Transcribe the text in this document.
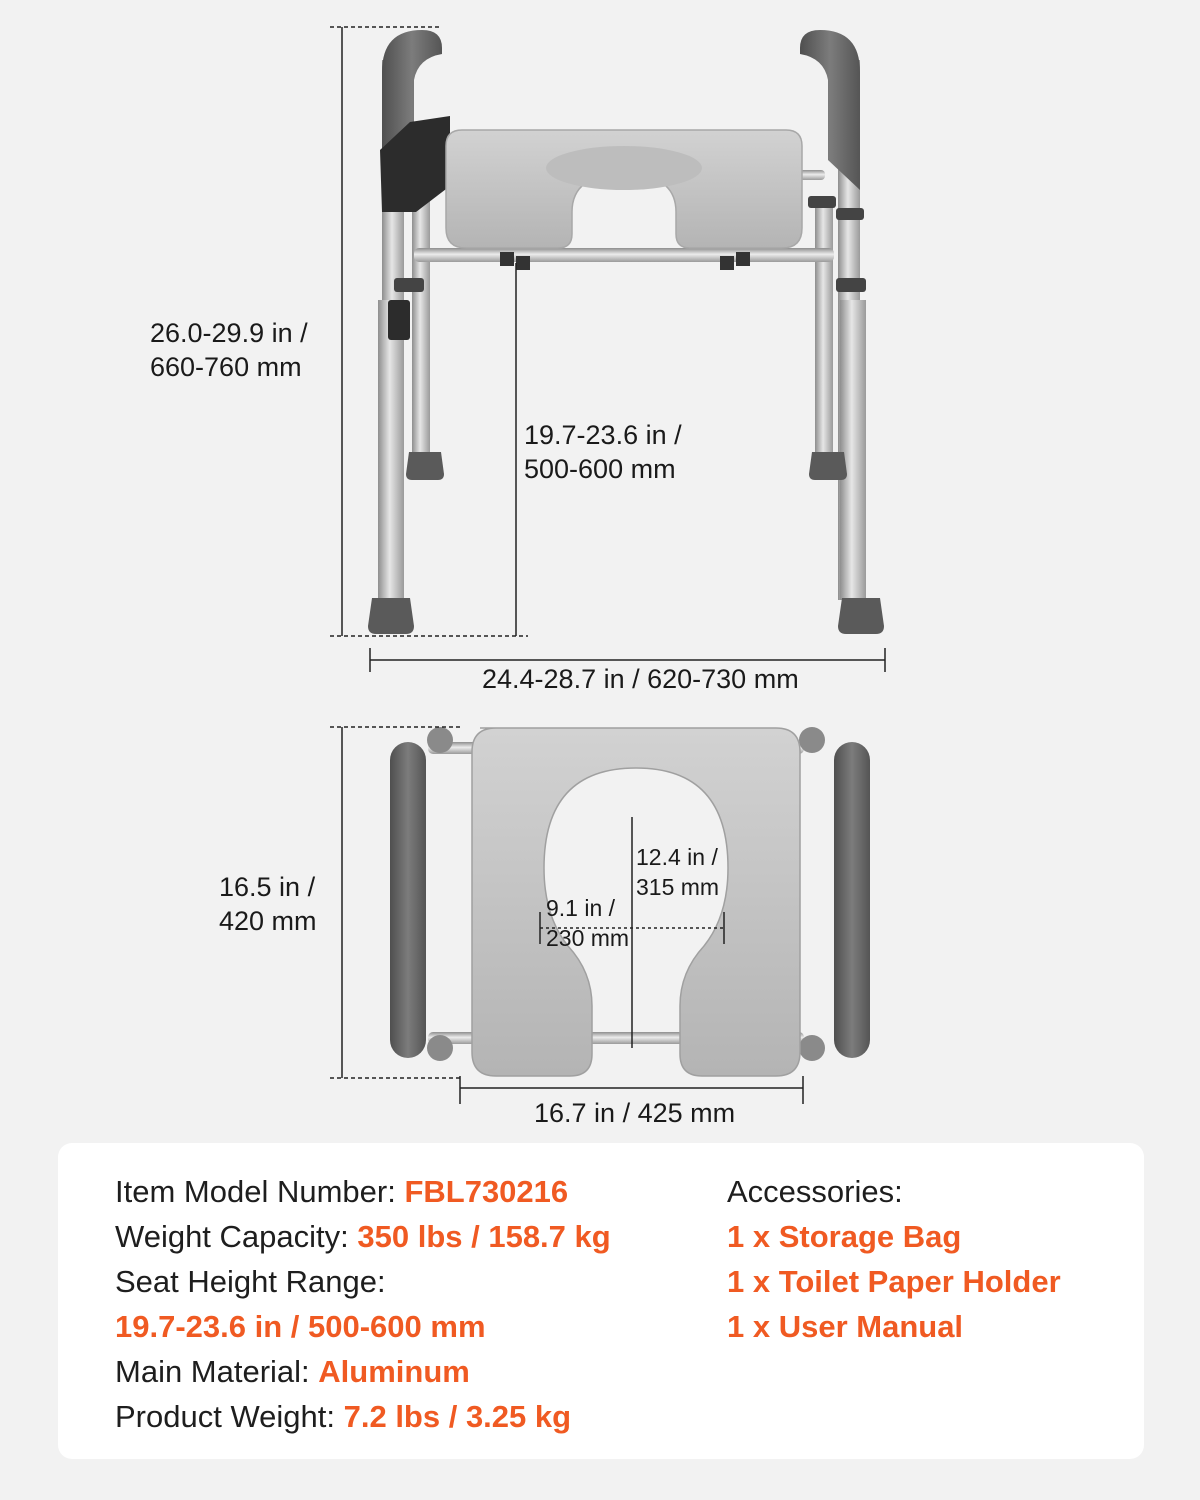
26.0-29.9 in /
660-760 mm
19.7-23.6 in /
500-600 mm
24.4-28.7 in / 620-730 mm
16.5 in /
420 mm
12.4 in /
315 mm
9.1 in /
230 mm
16.7 in / 425 mm
Item Model Number: FBL730216
Weight Capacity: 350 lbs / 158.7 kg
Seat Height Range:
19.7-23.6 in / 500-600 mm
Main Material: Aluminum
Product Weight: 7.2 lbs / 3.25 kg
Accessories:
1 x Storage Bag
1 x Toilet Paper Holder
1 x User Manual
